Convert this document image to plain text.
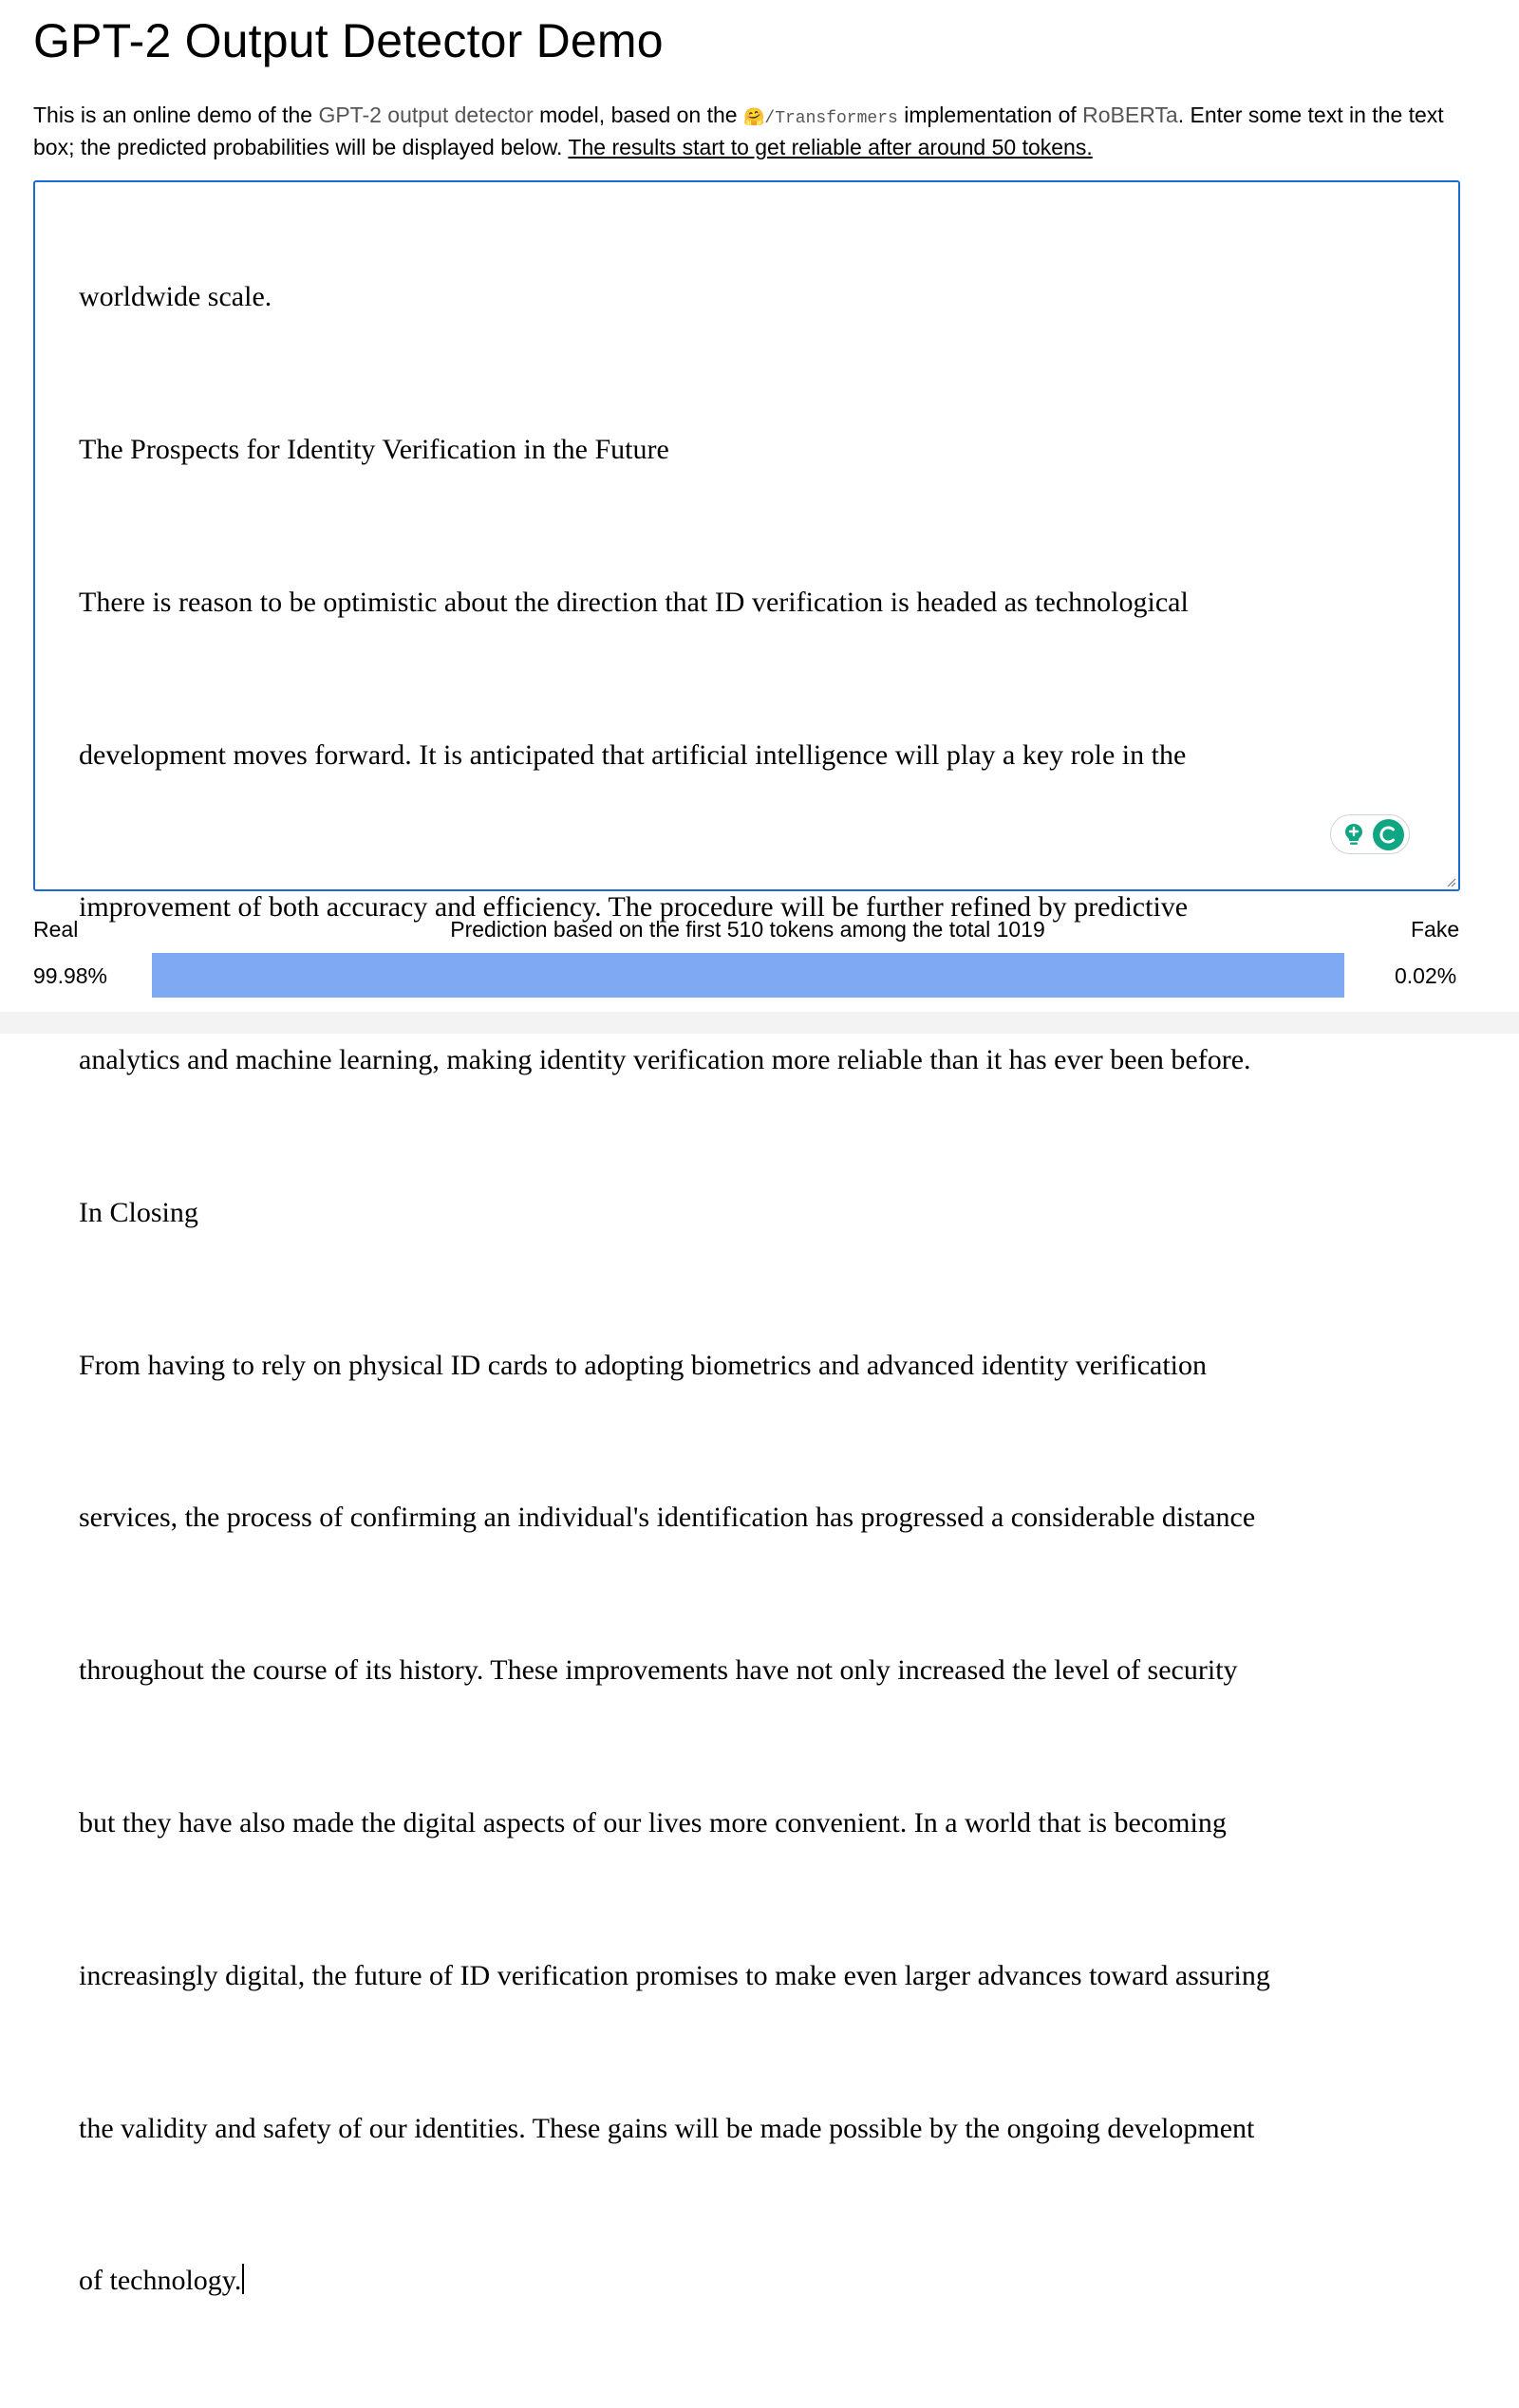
GPT-2 Output Detector Demo
This is an online demo of the GPT-2 output detector model, based on the 🤗/Transformers implementation of RoBERTa. Enter some text in the text box; the predicted probabilities will be displayed below. The results start to get reliable after around 50 tokens.

worldwide scale.

The Prospects for Identity Verification in the Future

There is reason to be optimistic about the direction that ID verification is headed as technological

development moves forward. It is anticipated that artificial intelligence will play a key role in the

improvement of both accuracy and efficiency. The procedure will be further refined by predictive

analytics and machine learning, making identity verification more reliable than it has ever been before.

In Closing

From having to rely on physical ID cards to adopting biometrics and advanced identity verification

services, the process of confirming an individual's identification has progressed a considerable distance

throughout the course of its history. These improvements have not only increased the level of security

but they have also made the digital aspects of our lives more convenient. In a world that is becoming

increasingly digital, the future of ID verification promises to make even larger advances toward assuring

the validity and safety of our identities. These gains will be made possible by the ongoing development

of technology.

Real	Prediction based on the first 510 tokens among the total 1019	Fake
99.98%	0.02%
